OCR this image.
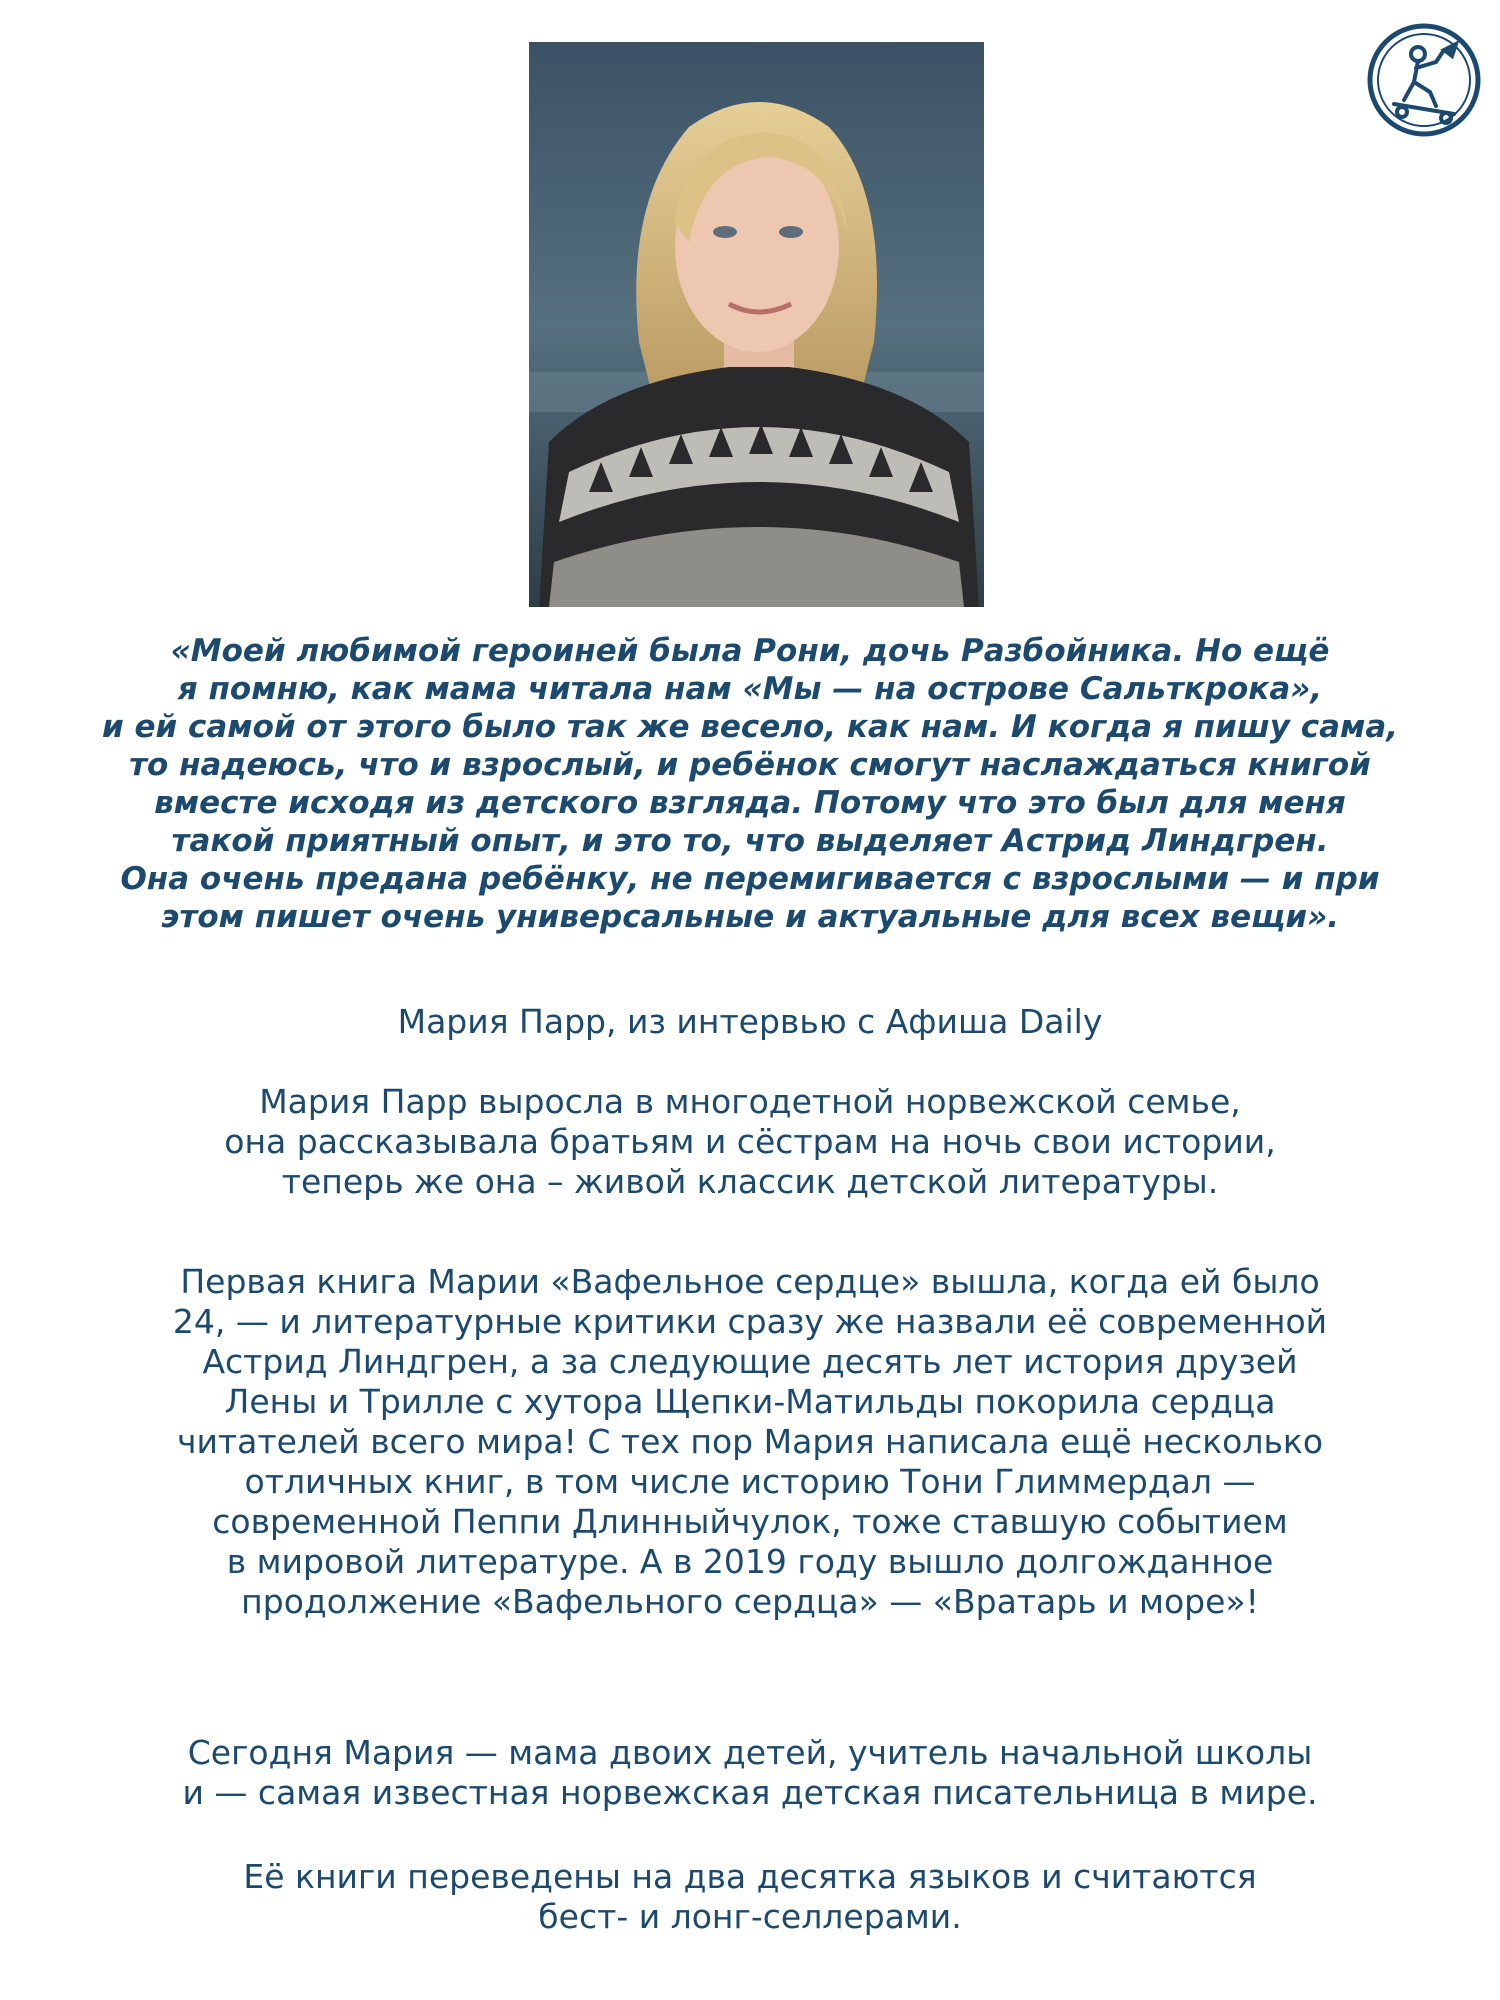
«Моей любимой героиней была Рони, дочь Разбойника. Но ещё
я помню, как мама читала нам «Мы — на острове Сальткрока»,
и ей самой от этого было так же весело, как нам. И когда я пишу сама,
то надеюсь, что и взрослый, и ребёнок смогут наслаждаться книгой
вместе исходя из детского взгляда. Потому что это был для меня
такой приятный опыт, и это то, что выделяет Астрид Линдгрен.
Она очень предана ребёнку, не перемигивается с взрослыми — и при
этом пишет очень универсальные и актуальные для всех вещи».
Мария Парр, из интервью с Афиша Daily
Мария Парр выросла в многодетной норвежской семье,
она рассказывала братьям и сёстрам на ночь свои истории,
теперь же она – живой классик детской литературы.
Первая книга Марии «Вафельное сердце» вышла, когда ей было
24, — и литературные критики сразу же назвали её современной
Астрид Линдгрен, а за следующие десять лет история друзей
Лены и Трилле с хутора Щепки-Матильды покорила сердца
читателей всего мира! С тех пор Мария написала ещё несколько
отличных книг, в том числе историю Тони Глиммердал —
современной Пеппи Длинныйчулок, тоже ставшую событием
в мировой литературе. А в 2019 году вышло долгожданное
продолжение «Вафельного сердца» — «Вратарь и море»!
Сегодня Мария — мама двоих детей, учитель начальной школы
и — самая известная норвежская детская писательница в мире.
Её книги переведены на два десятка языков и считаются
бест- и лонг-селлерами.
